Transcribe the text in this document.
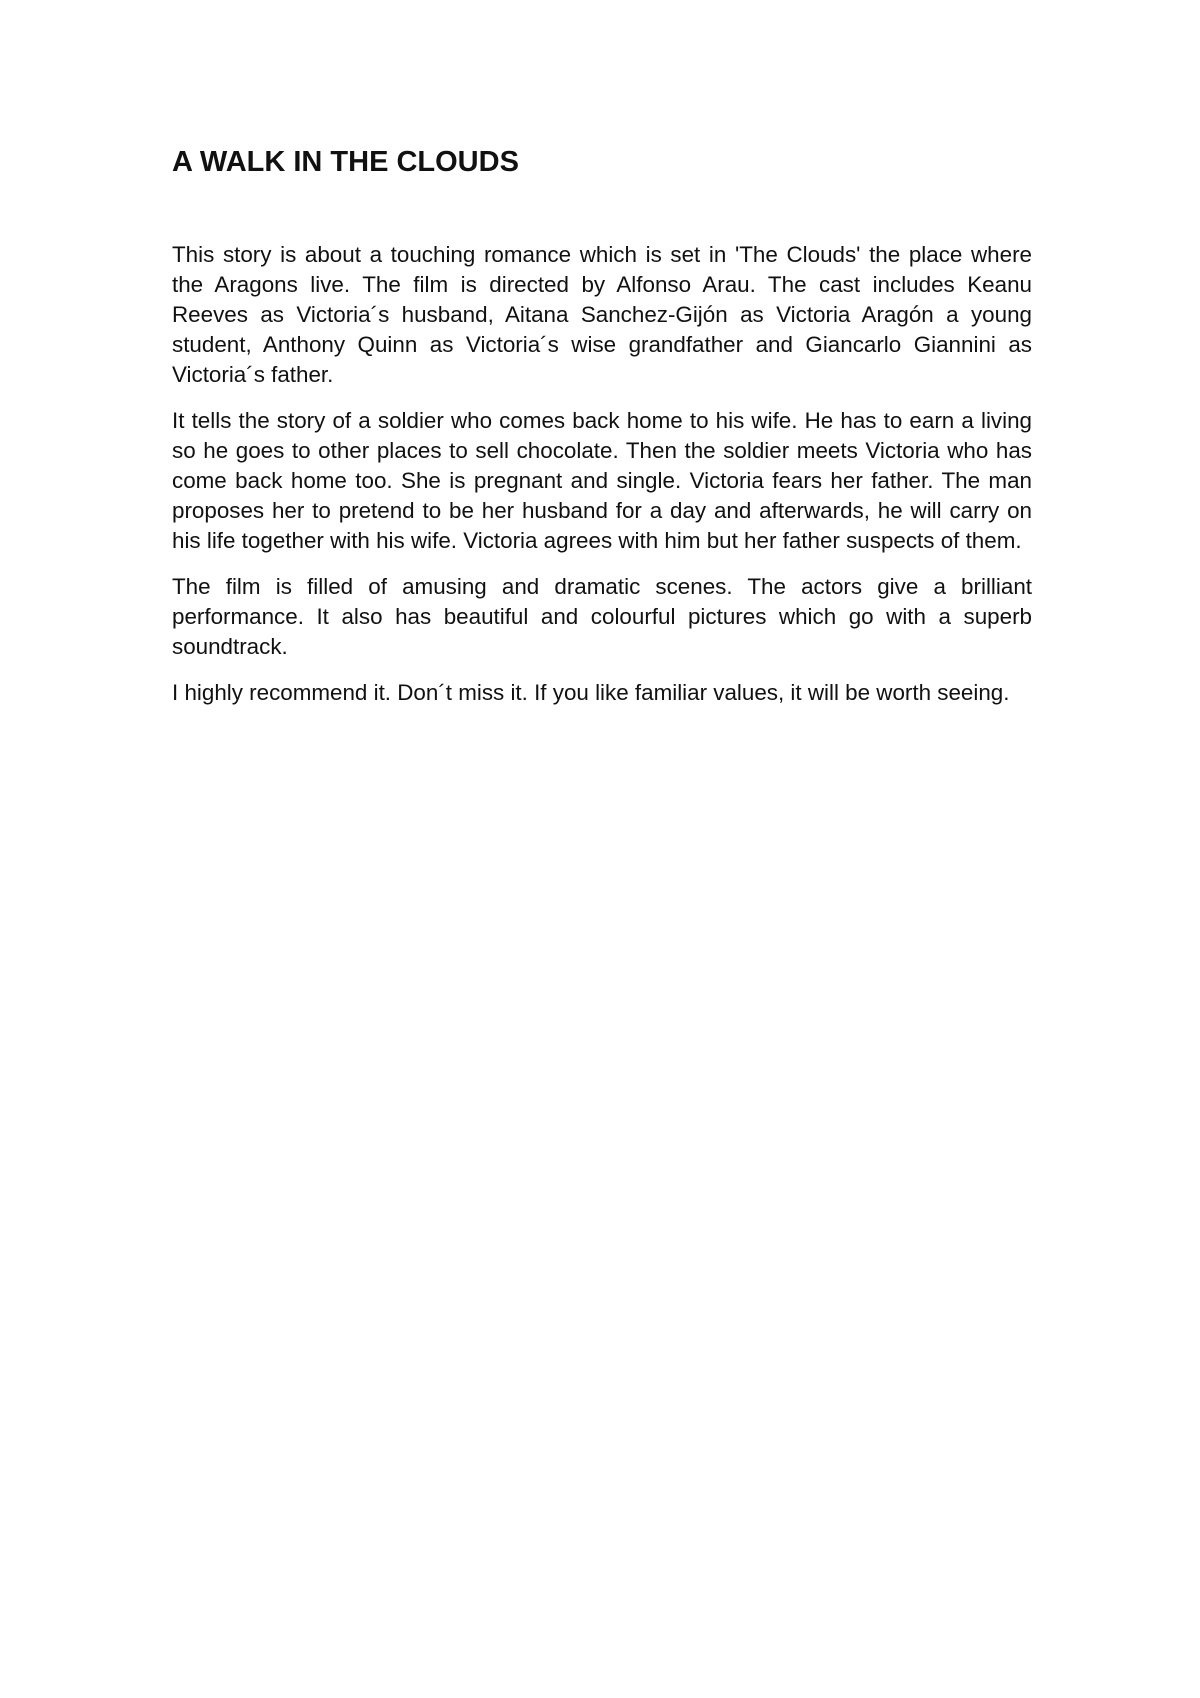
A WALK IN THE CLOUDS

This story is about a touching romance which is set in 'The Clouds' the place where the Aragons live. The film is directed by Alfonso Arau. The cast includes Keanu Reeves as Victoria´s husband, Aitana Sanchez-Gijón as Victoria Aragón a young student, Anthony Quinn as Victoria´s wise grandfather and Giancarlo Giannini as Victoria´s father.

It tells the story of a soldier who comes back home to his wife. He has to earn a living so he goes to other places to sell chocolate. Then the soldier meets Victoria who has come back home too. She is pregnant and single. Victoria fears her father. The man proposes her to pretend to be her husband for a day and afterwards, he will carry on his life together with his wife. Victoria agrees with him but her father suspects of them.

The film is filled of amusing and dramatic scenes. The actors give a brilliant performance. It also has beautiful and colourful pictures which go with a superb soundtrack.

I highly recommend it. Don´t miss it. If you like familiar values, it will be worth seeing.
